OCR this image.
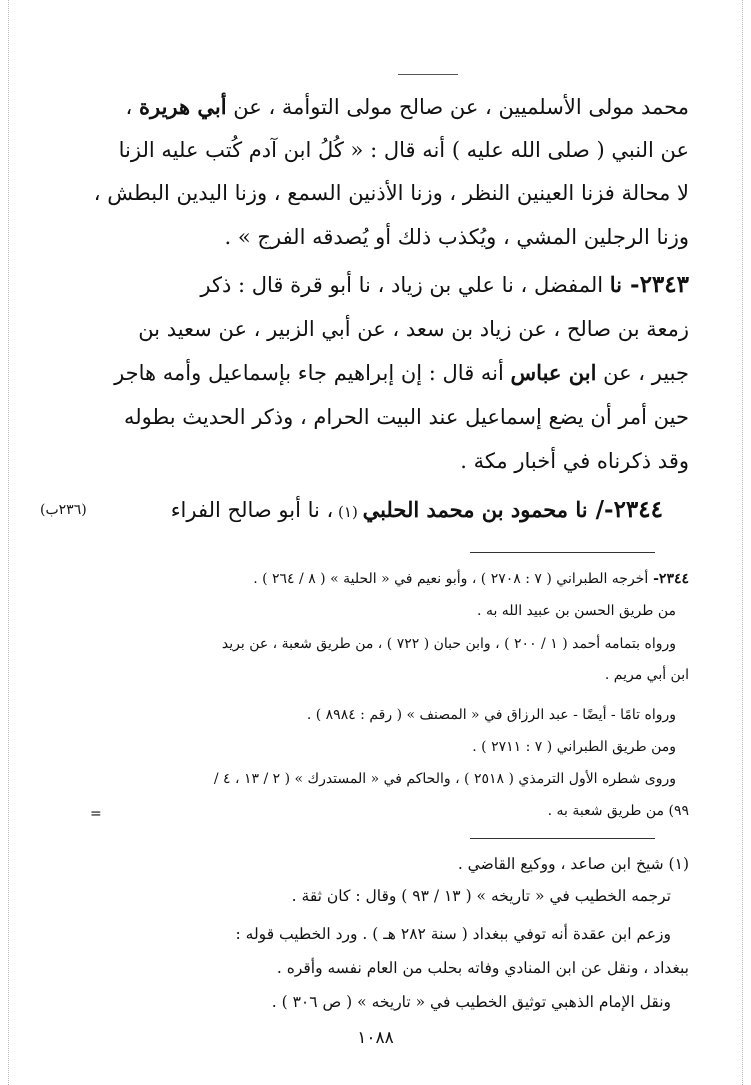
محمد مولى الأسلميين ، عن صالح مولى التوأمة ، عن أبي هريرة ،
عن النبي ( صلى الله عليه ) أنه قال : « كُلُ ابن آدم كُتب عليه الزنا
لا محالة فزنا العينين النظر ، وزنا الأذنين السمع ، وزنا اليدين البطش ،
وزنا الرجلين المشي ، ويُكذب ذلك أو يُصدقه الفرج » .
٢٣٤٣- نا المفضل ، نا علي بن زياد ، نا أبو قرة قال : ذكر
زمعة بن صالح ، عن زياد بن سعد ، عن أبي الزبير ، عن سعيد بن
جبير ، عن ابن عباس أنه قال : إن إبراهيم جاء بإسماعيل وأمه هاجر
حين أمر أن يضع إسماعيل عند البيت الحرام ، وذكر الحديث بطوله
وقد ذكرناه في أخبار مكة .
٢٣٤٤-/ نا محمود بن محمد الحلبي (١) ، نا أبو صالح الفراء
(٢٣٦ب)
٢٣٤٤- أخرجه الطبراني ( ٧ : ٢٧٠٨ ) ، وأبو نعيم في « الحلية » ( ٨ / ٢٦٤ ) .
من طريق الحسن بن عبيد الله به .
ورواه بتمامه أحمد ( ١ / ٢٠٠ ) ، وابن حبان ( ٧٢٢ ) ، من طريق شعبة ، عن بريد
ابن أبي مريم .
ورواه تامًا - أيضًا - عبد الرزاق في « المصنف » ( رقم : ٨٩٨٤ ) .
ومن طريق الطبراني ( ٧ : ٢٧١١ ) .
وروى شطره الأول الترمذي ( ٢٥١٨ ) ، والحاكم في « المستدرك » ( ٢ / ١٣ ، ٤ /
٩٩) من طريق شعبة به .
=
(١) شيخ ابن صاعد ، ووكيع القاضي .
ترجمه الخطيب في « تاريخه » ( ١٣ / ٩٣ ) وقال : كان ثقة .
وزعم ابن عقدة أنه توفي ببغداد ( سنة ٢٨٢ هـ ) . ورد الخطيب قوله :
ببغداد ، ونقل عن ابن المنادي وفاته بحلب من العام نفسه وأقره .
ونقل الإمام الذهبي توثيق الخطيب في « تاريخه » ( ص ٣٠٦ ) .
١٠٨٨
